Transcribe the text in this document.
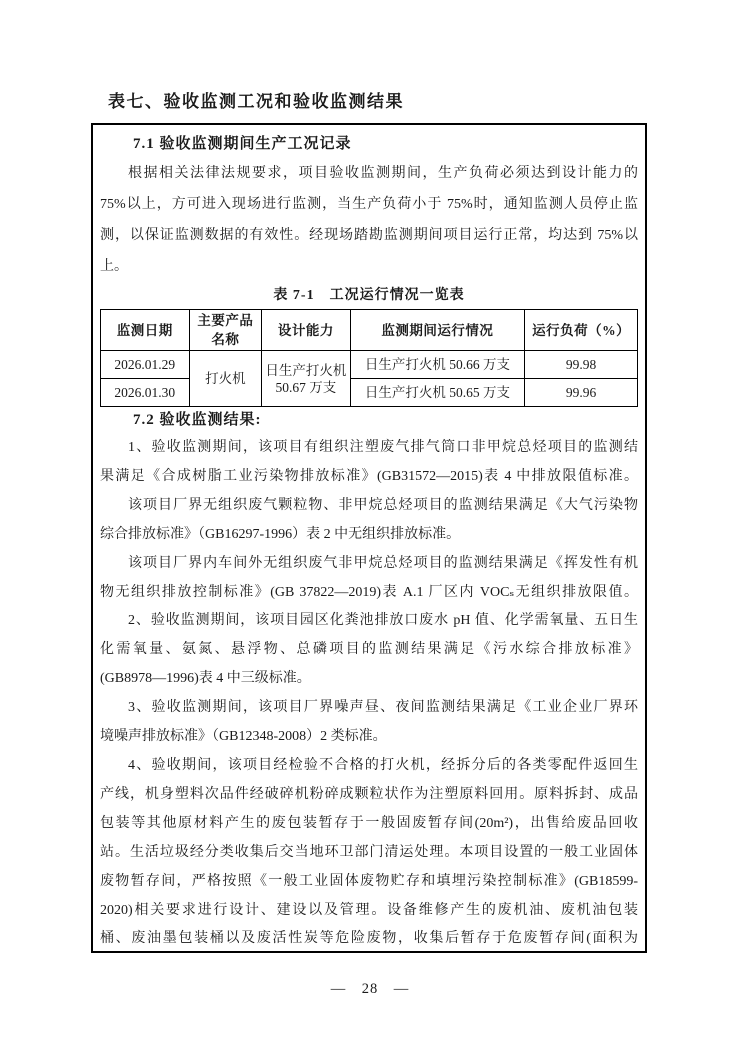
表七、验收监测工况和验收监测结果
7.1 验收监测期间生产工况记录
根据相关法律法规要求，项目验收监测期间，生产负荷必须达到设计能力的
75%以上，方可进入现场进行监测，当生产负荷小于 75%时，通知监测人员停止监
测，以保证监测数据的有效性。经现场踏勘监测期间项目运行正常，均达到 75%以
上。
表 7-1　工况运行情况一览表
监测日期	主要产品名称	设计能力	监测期间运行情况	运行负荷（%）
2026.01.29	打火机	日生产打火机 50.67 万支	日生产打火机 50.66 万支	99.98
2026.01.30			日生产打火机 50.65 万支	99.96
7.2 验收监测结果:
1、验收监测期间，该项目有组织注塑废气排气筒口非甲烷总烃项目的监测结
果满足《合成树脂工业污染物排放标准》(GB31572—2015)表 4 中排放限值标准。
该项目厂界无组织废气颗粒物、非甲烷总烃项目的监测结果满足《大气污染物
综合排放标准》（GB16297-1996）表 2 中无组织排放标准。
该项目厂界内车间外无组织废气非甲烷总烃项目的监测结果满足《挥发性有机
物无组织排放控制标准》(GB 37822—2019)表 A.1 厂区内 VOCₛ无组织排放限值。
2、验收监测期间，该项目园区化粪池排放口废水 pH 值、化学需氧量、五日生
化需氧量、氨氮、悬浮物、总磷项目的监测结果满足《污水综合排放标准》
(GB8978—1996)表 4 中三级标准。
3、验收监测期间，该项目厂界噪声昼、夜间监测结果满足《工业企业厂界环
境噪声排放标准》（GB12348-2008）2 类标准。
4、验收期间，该项目经检验不合格的打火机，经拆分后的各类零配件返回生
产线，机身塑料次品件经破碎机粉碎成颗粒状作为注塑原料回用。原料拆封、成品
包装等其他原材料产生的废包装暂存于一般固废暂存间(20m²)，出售给废品回收
站。生活垃圾经分类收集后交当地环卫部门清运处理。本项目设置的一般工业固体
废物暂存间，严格按照《一般工业固体废物贮存和填埋污染控制标准》(GB18599-
2020)相关要求进行设计、建设以及管理。设备维修产生的废机油、废机油包装
桶、废油墨包装桶以及废活性炭等危险废物，收集后暂存于危废暂存间(面积为
—　28　—
